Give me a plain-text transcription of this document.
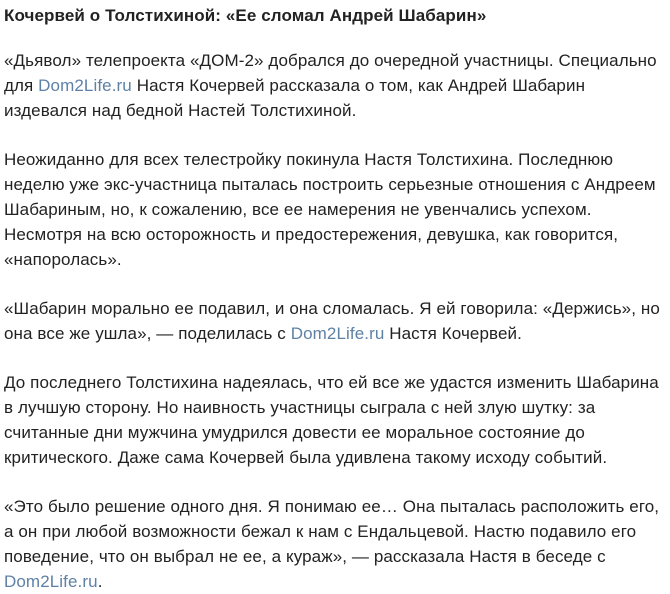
Кочервей о Толстихиной: «Ее сломал Андрей Шабарин»

«Дьявол» телепроекта «ДОМ-2» добрался до очередной участницы. Специально для Dom2Life.ru Настя Кочервей рассказала о том, как Андрей Шабарин издевался над бедной Настей Толстихиной.

Неожиданно для всех телестройку покинула Настя Толстихина. Последнюю неделю уже экс-участница пыталась построить серьезные отношения с Андреем Шабариным, но, к сожалению, все ее намерения не увенчались успехом. Несмотря на всю осторожность и предостережения, девушка, как говорится, «напоролась».

«Шабарин морально ее подавил, и она сломалась. Я ей говорила: «Держись», но она все же ушла», — поделилась с Dom2Life.ru Настя Кочервей.

До последнего Толстихина надеялась, что ей все же удастся изменить Шабарина в лучшую сторону. Но наивность участницы сыграла с ней злую шутку: за считанные дни мужчина умудрился довести ее моральное состояние до критического. Даже сама Кочервей была удивлена такому исходу событий.

«Это было решение одного дня. Я понимаю ее… Она пыталась расположить его, а он при любой возможности бежал к нам с Ендальцевой. Настю подавило его поведение, что он выбрал не ее, а кураж», — рассказала Настя в беседе с Dom2Life.ru.
